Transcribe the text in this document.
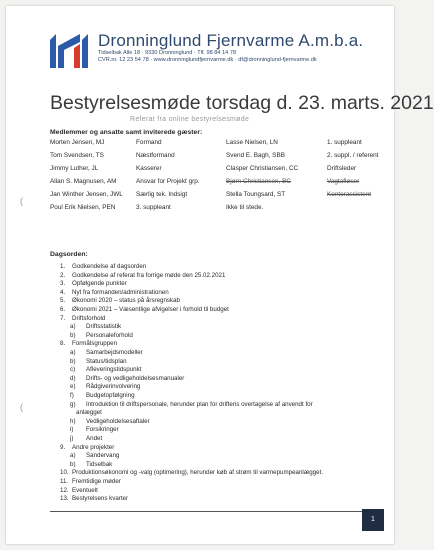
Dronninglund Fjernvarme A.m.b.a.
Tidselbak Alle 18 · 9330 Dronninglund · Tlf. 98 84 14 78
CVR.nr. 12 23 54 78 · www.dronninglundfjernvarme.dk · df@dronninglund-fjernvarme.dk
Bestyrelsesmøde torsdag d. 23. marts. 2021
Referat fra online bestyrelsesmøde
Medlemmer og ansatte samt inviterede gæster:
Morten Jensen, MJ	Formand	Lasse Nielsen, LN	1. suppleant
Tom Svendsen, TS	Næstformand	Svend E. Bagh, SBB	2. suppl. / referent
Jimmy Luther, JL	Kasserer	Clasper Christiansen, CC	Driftsleder
Allan S. Magnusen, AM	Ansvar for Projekt grp.	Bjørn Christiansen, BC	Vagtafløser
Jan Winther Jensen, JWL Særlig tek. Indsigt	Stella Toungsard, ST	Kontorassistent
Poul Erik Nielsen, PEN	3. suppleant	Ikke til stede.
(
(
Dagsorden:
1. Godkendelse af dagsorden
2. Godkendelse af referat fra forrige møde den 25.02.2021
3. Opfølgende punkter
4. Nyt fra formanden/administrationen
5. Økonomi 2020 – status på årsregnskab
6. Økonomi 2021 – Væsentlige afvigelser i forhold til budget
7. Driftsforhold
a) Driftsstatistik
b) Personaleforhold
8. Formålsgruppen
a) Samarbejdsmodeller
b) Status/tidsplan
c) Afleveringstidspunkt
d) Drifts- og vedligeholdelsesmanualer
e) Rådgiverinvolvering
f) Budgetopfølgning
g) Introduktion til driftspersonale, herunder plan for driftens overtagelse af anvendt for
anlægget
h) Vedligeholdelsesaftaler
i) Forsikringer
j) Andet
9. Andre projekter
a) Sandervang
b) Tidselbak
10. Produktionsøkonomi og -valg (optimering), herunder køb af strøm til varmepumpeanlægget.
11. Fremtidige møder
12. Eventuelt
13. Bestyrelsens kvarter
1
